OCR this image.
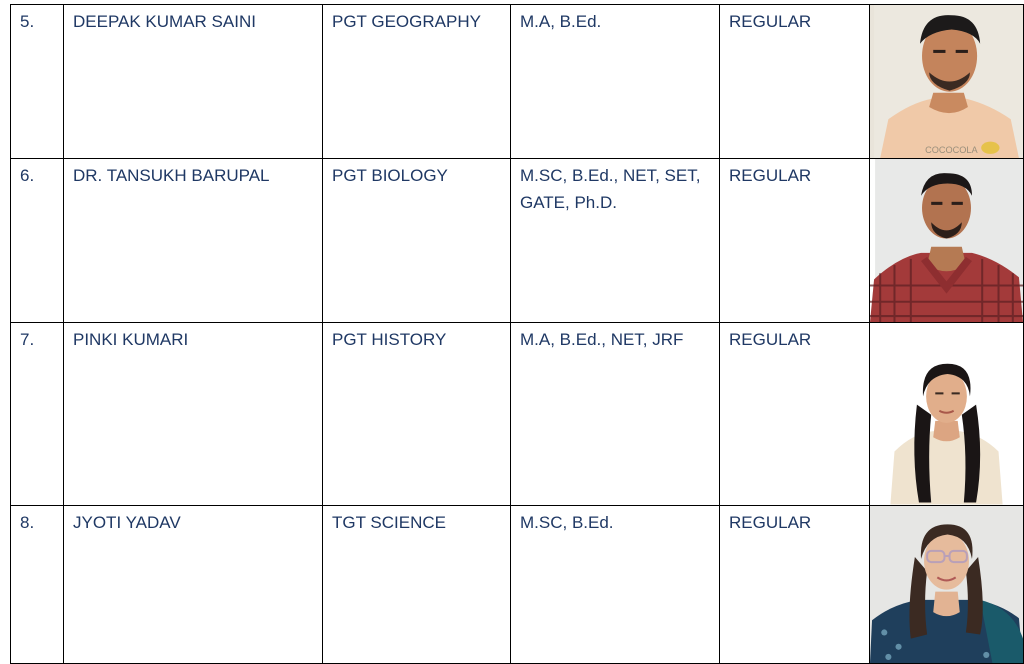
5.	DEEPAK KUMAR SAINI	PGT GEOGRAPHY	M.A, B.Ed.	REGULAR	COCOCOLA

6.	DR. TANSUKH BARUPAL	PGT BIOLOGY	M.SC, B.Ed., NET, SET, GATE, Ph.D.	REGULAR	

7.	PINKI KUMARI	PGT HISTORY	M.A, B.Ed., NET, JRF	REGULAR	

8.	JYOTI YADAV	TGT SCIENCE	M.SC, B.Ed.	REGULAR	
